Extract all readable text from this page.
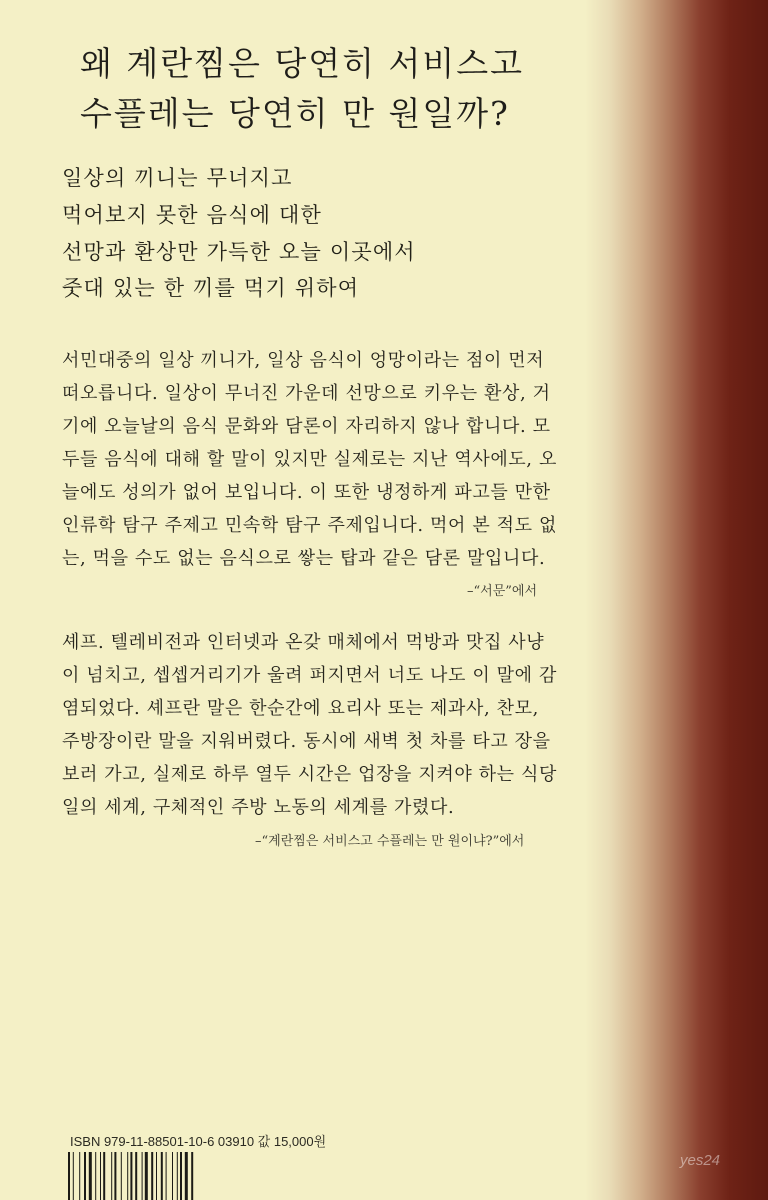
왜 계란찜은 당연히 서비스고
수플레는 당연히 만 원일까?
일상의 끼니는 무너지고
먹어보지 못한 음식에 대한
선망과 환상만 가득한 오늘 이곳에서
줏대 있는 한 끼를 먹기 위하여
서민대중의 일상 끼니가, 일상 음식이 엉망이라는 점이 먼저
떠오릅니다. 일상이 무너진 가운데 선망으로 키우는 환상, 거
기에 오늘날의 음식 문화와 담론이 자리하지 않나 합니다. 모
두들 음식에 대해 할 말이 있지만 실제로는 지난 역사에도, 오
늘에도 성의가 없어 보입니다. 이 또한 냉정하게 파고들 만한
인류학 탐구 주제고 민속학 탐구 주제입니다. 먹어 본 적도 없
는, 먹을 수도 없는 음식으로 쌓는 탑과 같은 담론 말입니다.
–“서문”에서
셰프. 텔레비전과 인터넷과 온갖 매체에서 먹방과 맛집 사냥
이 넘치고, 셉셉거리기가 울려 퍼지면서 너도 나도 이 말에 감
염되었다. 셰프란 말은 한순간에 요리사 또는 제과사, 찬모,
주방장이란 말을 지워버렸다. 동시에 새벽 첫 차를 타고 장을
보러 가고, 실제로 하루 열두 시간은 업장을 지켜야 하는 식당
일의 세계, 구체적인 주방 노동의 세계를 가렸다.
–“계란찜은 서비스고 수플레는 만 원이냐?”에서
ISBN 979-11-88501-10-6 03910 값 15,000원
yes24
